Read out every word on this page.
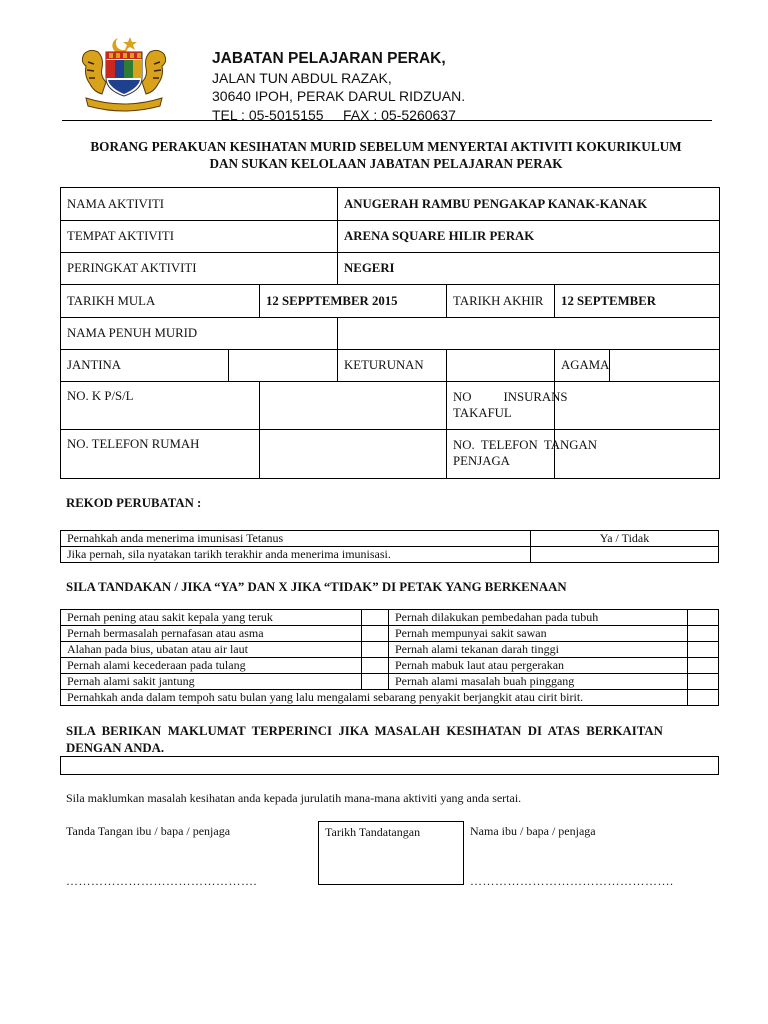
JABATAN PELAJARAN PERAK,
JALAN TUN ABDUL RAZAK,
30640 IPOH, PERAK DARUL RIDZUAN.
TEL : 05-5015155     FAX : 05-5260637
BORANG PERAKUAN KESIHATAN MURID SEBELUM MENYERTAI AKTIVITI KOKURIKULUM
DAN SUKAN KELOLAAN JABATAN PELAJARAN PERAK
NAMA AKTIVITI			ANUGERAH RAMBU PENGAKAP KANAK-KANAK			
TEMPAT AKTIVITI			ARENA SQUARE HILIR PERAK			
PERINGKAT AKTIVITI			NEGERI			
TARIKH MULA		12 SEPPTEMBER 2015		TARIKH AKHIR	12 SEPTEMBER	
NAMA PENUH MURID						
JANTINA			KETURUNAN		AGAMA	
NO. K P/S/L				NO          INSURANS
TAKAFUL		

NO. TELEFON RUMAH				NO.  TELEFON  TANGAN
PENJAGA		

REKOD PERUBATAN :
Pernahkah anda menerima imunisasi Tetanus	Ya / Tidak
Jika pernah, sila nyatakan tarikh terakhir anda menerima imunisasi.	
SILA TANDAKAN / JIKA “YA” DAN X JIKA “TIDAK” DI PETAK YANG BERKENAAN
Pernah pening atau sakit kepala yang teruk		Pernah dilakukan pembedahan pada tubuh	
Pernah bermasalah pernafasan atau asma		Pernah mempunyai sakit sawan	
Alahan pada bius, ubatan atau air laut		Pernah alami tekanan darah tinggi	
Pernah alami kecederaan pada tulang		Pernah mabuk laut atau pergerakan	
Pernah alami sakit jantung		Pernah alami masalah buah pinggang	
Pernahkah anda dalam tempoh satu bulan yang lalu mengalami sebarang penyakit berjangkit atau cirit birit.			
SILA  BERIKAN  MAKLUMAT  TERPERINCI  JIKA  MASALAH  KESIHATAN  DI  ATAS  BERKAITAN
DENGAN ANDA.
Sila maklumkan masalah kesihatan anda kepada jurulatih mana-mana aktiviti yang anda sertai.
Tanda Tangan ibu / bapa / penjaga	Tarikh Tandatangan	Nama ibu / bapa / penjaga
……………………………………….	………………………………………….
